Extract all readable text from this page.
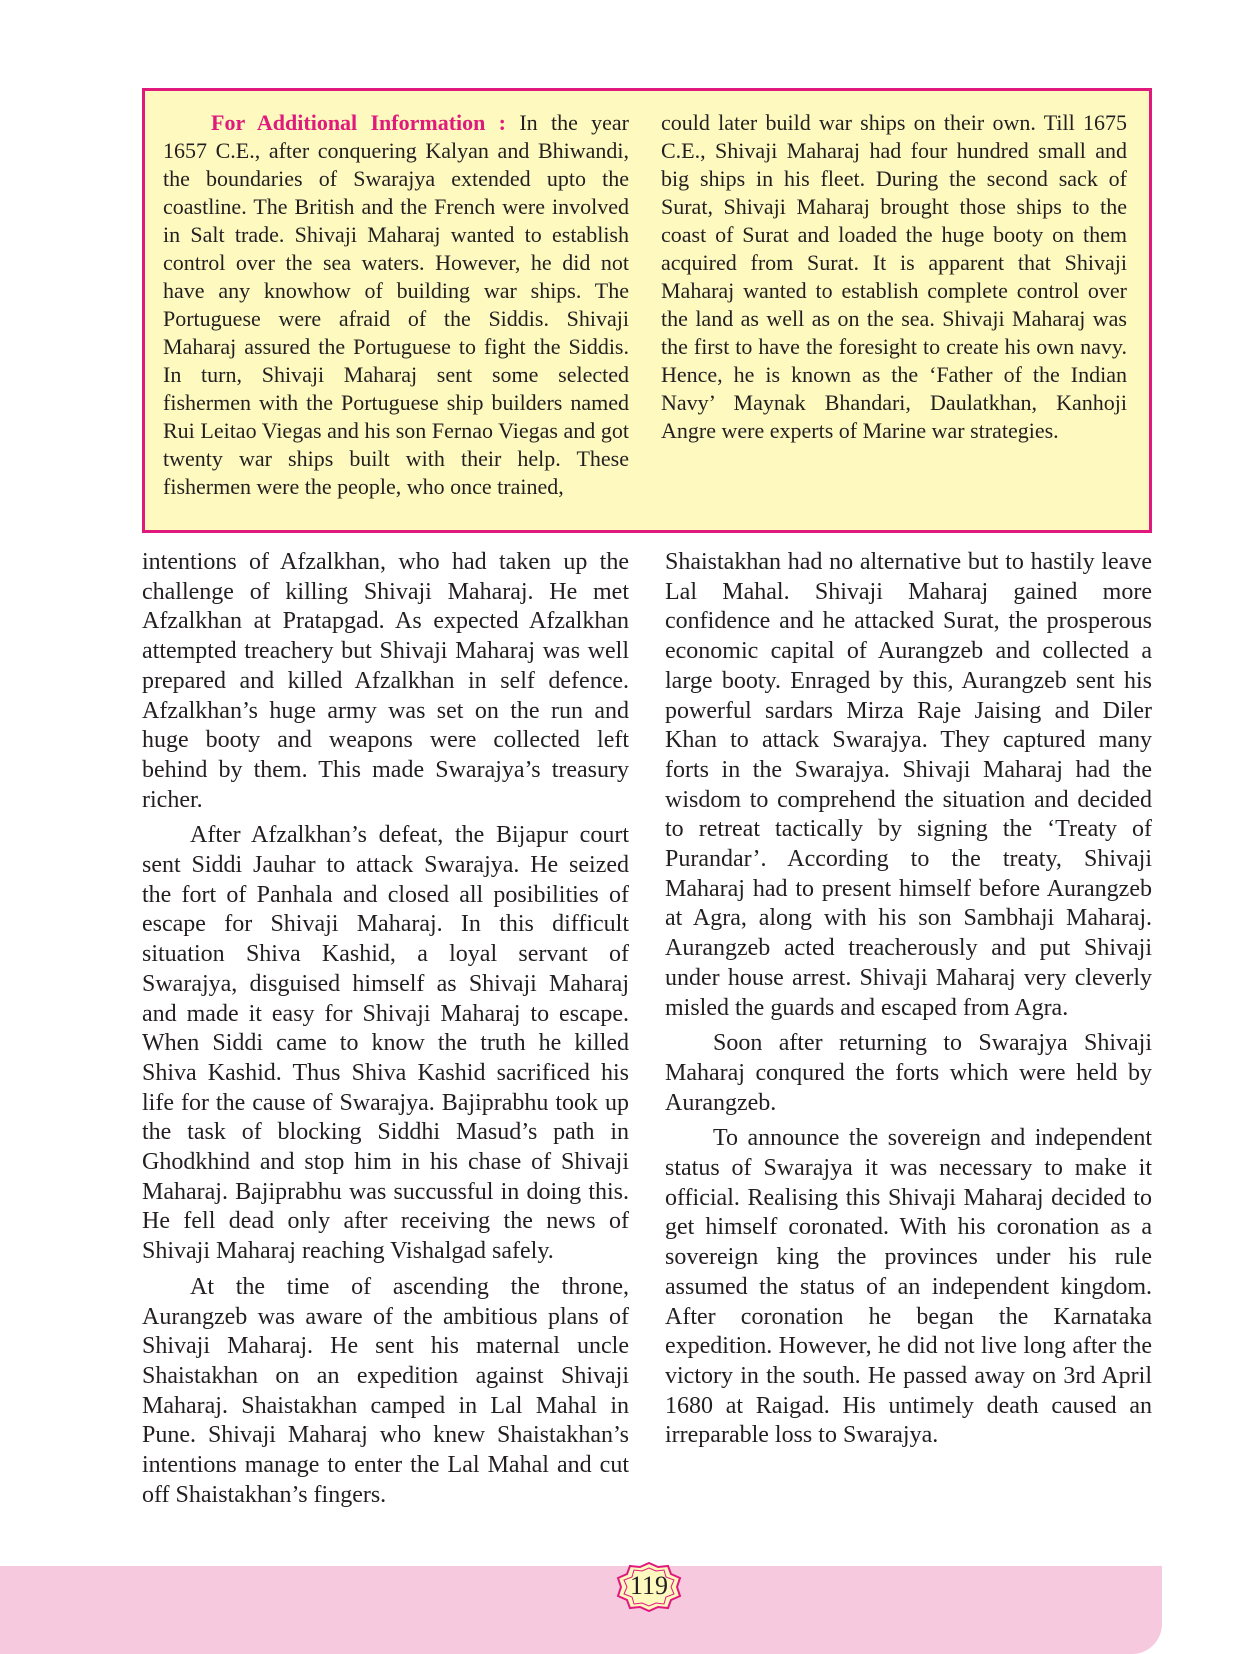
For Additional Information : In the year 1657 C.E., after conquering Kalyan and Bhiwandi, the boundaries of Swarajya extended upto the coastline. The British and the French were involved in Salt trade. Shivaji Maharaj wanted to establish control over the sea waters. However, he did not have any knowhow of building war ships. The Portuguese were afraid of the Siddis. Shivaji Maharaj assured the Portuguese to fight the Siddis. In turn, Shivaji Maharaj sent some selected fishermen with the Portuguese ship builders named Rui Leitao Viegas and his son Fernao Viegas and got twenty war ships built with their help. These fishermen were the people, who once trained,

could later build war ships on their own. Till 1675 C.E., Shivaji Maharaj had four hundred small and big ships in his fleet. During the second sack of Surat, Shivaji Maharaj brought those ships to the coast of Surat and loaded the huge booty on them acquired from Surat. It is apparent that Shivaji Maharaj wanted to establish complete control over the land as well as on the sea. Shivaji Maharaj was the first to have the foresight to create his own navy. Hence, he is known as the ‘Father of the Indian Navy’ Maynak Bhandari, Daulatkhan, Kanhoji Angre were experts of Marine war strategies.

intentions of Afzalkhan, who had taken up the challenge of killing Shivaji Maharaj. He met Afzalkhan at Pratapgad. As expected Afzalkhan attempted treachery but Shivaji Maharaj was well prepared and killed Afzalkhan in self defence. Afzalkhan’s huge army was set on the run and huge booty and weapons were collected left behind by them. This made Swarajya’s treasury richer.

After Afzalkhan’s defeat, the Bijapur court sent Siddi Jauhar to attack Swarajya. He seized the fort of Panhala and closed all posibilities of escape for Shivaji Maharaj. In this difficult situation Shiva Kashid, a loyal servant of Swarajya, disguised himself as Shivaji Maharaj and made it easy for Shivaji Maharaj to escape. When Siddi came to know the truth he killed Shiva Kashid. Thus Shiva Kashid sacrificed his life for the cause of Swarajya. Bajiprabhu took up the task of blocking Siddhi Masud’s path in Ghodkhind and stop him in his chase of Shivaji Maharaj. Bajiprabhu was succussful in doing this. He fell dead only after receiving the news of Shivaji Maharaj reaching Vishalgad safely.

At the time of ascending the throne, Aurangzeb was aware of the ambitious plans of Shivaji Maharaj. He sent his maternal uncle Shaistakhan on an expedition against Shivaji Maharaj. Shaistakhan camped in Lal Mahal in Pune. Shivaji Maharaj who knew Shaistakhan’s intentions manage to enter the Lal Mahal and cut off Shaistakhan’s fingers.

Shaistakhan had no alternative but to hastily leave Lal Mahal. Shivaji Maharaj gained more confidence and he attacked Surat, the prosperous economic capital of Aurangzeb and collected a large booty. Enraged by this, Aurangzeb sent his powerful sardars Mirza Raje Jaising and Diler Khan to attack Swarajya. They captured many forts in the Swarajya. Shivaji Maharaj had the wisdom to comprehend the situation and decided to retreat tactically by signing the ‘Treaty of Purandar’. According to the treaty, Shivaji Maharaj had to present himself before Aurangzeb at Agra, along with his son Sambhaji Maharaj. Aurangzeb acted treacherously and put Shivaji under house arrest. Shivaji Maharaj very cleverly misled the guards and escaped from Agra.

Soon after returning to Swarajya Shivaji Maharaj conqured the forts which were held by Aurangzeb.

To announce the sovereign and independent status of Swarajya it was necessary to make it official. Realising this Shivaji Maharaj decided to get himself coronated. With his coronation as a sovereign king the provinces under his rule assumed the status of an independent kingdom. After coronation he began the Karnataka expedition. However, he did not live long after the victory in the south. He passed away on 3rd April 1680 at Raigad. His untimely death caused an irreparable loss to Swarajya.

119
